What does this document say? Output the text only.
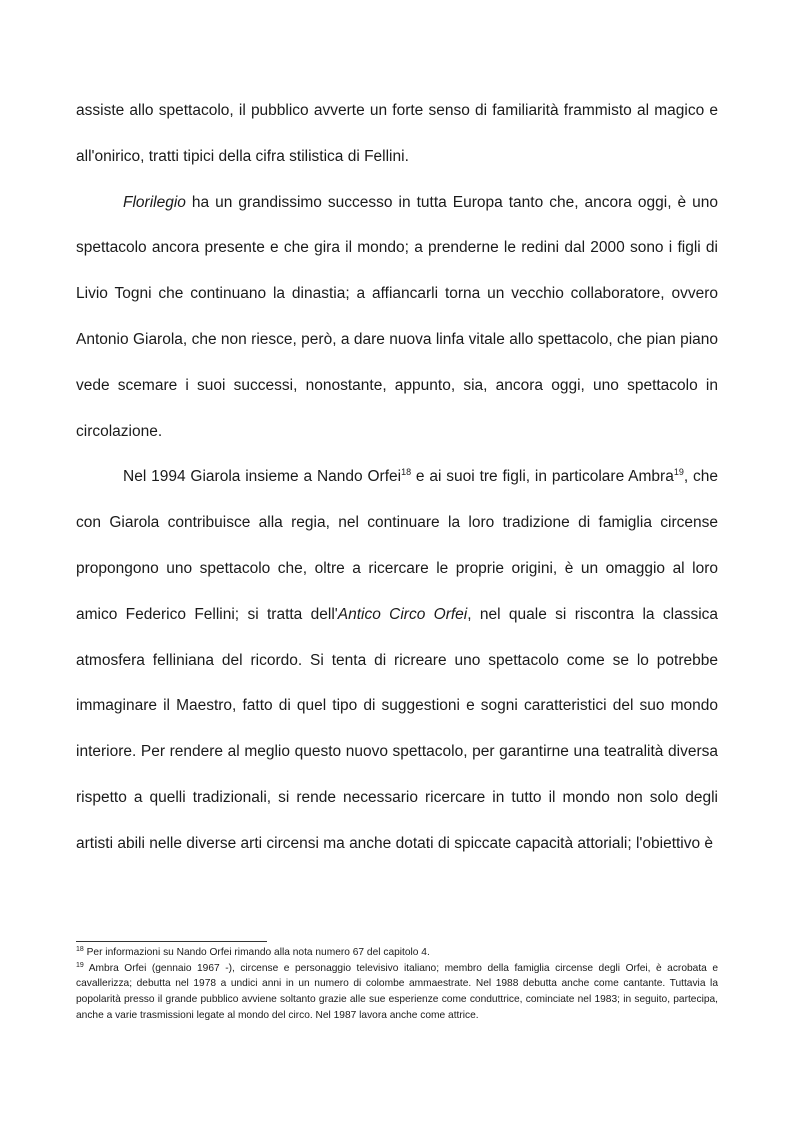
assiste allo spettacolo, il pubblico avverte un forte senso di familiarità frammisto al magico e all'onirico, tratti tipici della cifra stilistica di Fellini.

Florilegio ha un grandissimo successo in tutta Europa tanto che, ancora oggi, è uno spettacolo ancora presente e che gira il mondo; a prenderne le redini dal 2000 sono i figli di Livio Togni che continuano la dinastia; a affiancarli torna un vecchio collaboratore, ovvero Antonio Giarola, che non riesce, però, a dare nuova linfa vitale allo spettacolo, che pian piano vede scemare i suoi successi, nonostante, appunto, sia, ancora oggi, uno spettacolo in circolazione.

Nel 1994 Giarola insieme a Nando Orfei$^{18}$ e ai suoi tre figli, in particolare Ambra$^{19}$, che con Giarola contribuisce alla regia, nel continuare la loro tradizione di famiglia circense propongono uno spettacolo che, oltre a ricercare le proprie origini, è un omaggio al loro amico Federico Fellini; si tratta dell'Antico Circo Orfei, nel quale si riscontra la classica atmosfera felliniana del ricordo. Si tenta di ricreare uno spettacolo come se lo potrebbe immaginare il Maestro, fatto di quel tipo di suggestioni e sogni caratteristici del suo mondo interiore. Per rendere al meglio questo nuovo spettacolo, per garantirne una teatralità diversa rispetto a quelli tradizionali, si rende necessario ricercare in tutto il mondo non solo degli artisti abili nelle diverse arti circensi ma anche dotati di spiccate capacità attoriali; l'obiettivo è

$^{18}$ Per informazioni su Nando Orfei rimando alla nota numero 67 del capitolo 4.

$^{19}$ Ambra Orfei (gennaio 1967 -), circense e personaggio televisivo italiano; membro della famiglia circense degli Orfei, è acrobata e cavallerizza; debutta nel 1978 a undici anni in un numero di colombe ammaestrate. Nel 1988 debutta anche come cantante. Tuttavia la popolarità presso il grande pubblico avviene soltanto grazie alle sue esperienze come conduttrice, cominciate nel 1983; in seguito, partecipa, anche a varie trasmissioni legate al mondo del circo. Nel 1987 lavora anche come attrice.
